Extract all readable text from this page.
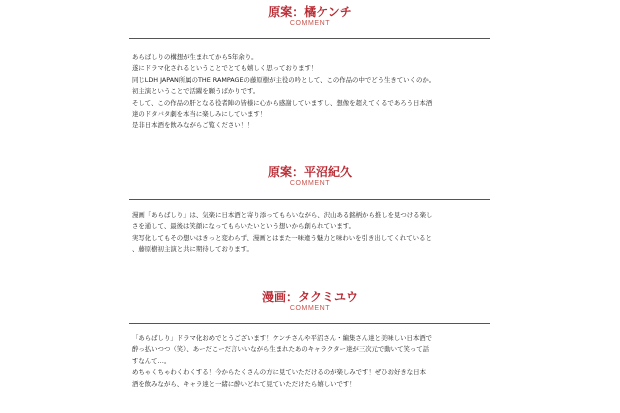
原案：橘ケンチ
COMMENT
あらばしりの構想が生まれてから5年余り。
遂にドラマ化されるということでとても嬉しく思っております！
同じLDH JAPAN所属のTHE RAMPAGEの藤原樹が主役の吟として、この作品の中でどう生きていくのか。
初主演ということで活躍を願うばかりです。
そして、この作品の肝となる役者陣の皆様に心から感謝していますし、想像を超えてくるであろう日本酒
達のドタバタ劇を本当に楽しみにしています！
是非日本酒を飲みながらご覧ください！！
原案：平沼紀久
COMMENT
漫画「あらばしり」は、気楽に日本酒と寄り添ってもらいながら、沢山ある銘柄から推しを見つける楽し
さを通して、最後は笑顔になってもらいたいという想いから創られています。
実写化してもその想いはきっと変わらず、漫画とはまた一味違う魅力と味わいを引き出してくれていると
、藤原樹初主演と共に期待しております。
漫画：タクミユウ
COMMENT
「あらばしり」ドラマ化おめでとうございます！ケンチさんや平沼さん・編集さん達と美味しい日本酒で
酔っ払いつつ（笑）、あーだこーだ言いいながら生まれたあのキャラクター達が三次元で動いて笑って話
すなんて…。
めちゃくちゃわくわくする！今からたくさんの方に見ていただけるのが楽しみです！ぜひお好きな日本
酒を飲みながら、キャラ達と一緒に酔いどれて見ていただけたら嬉しいです！
